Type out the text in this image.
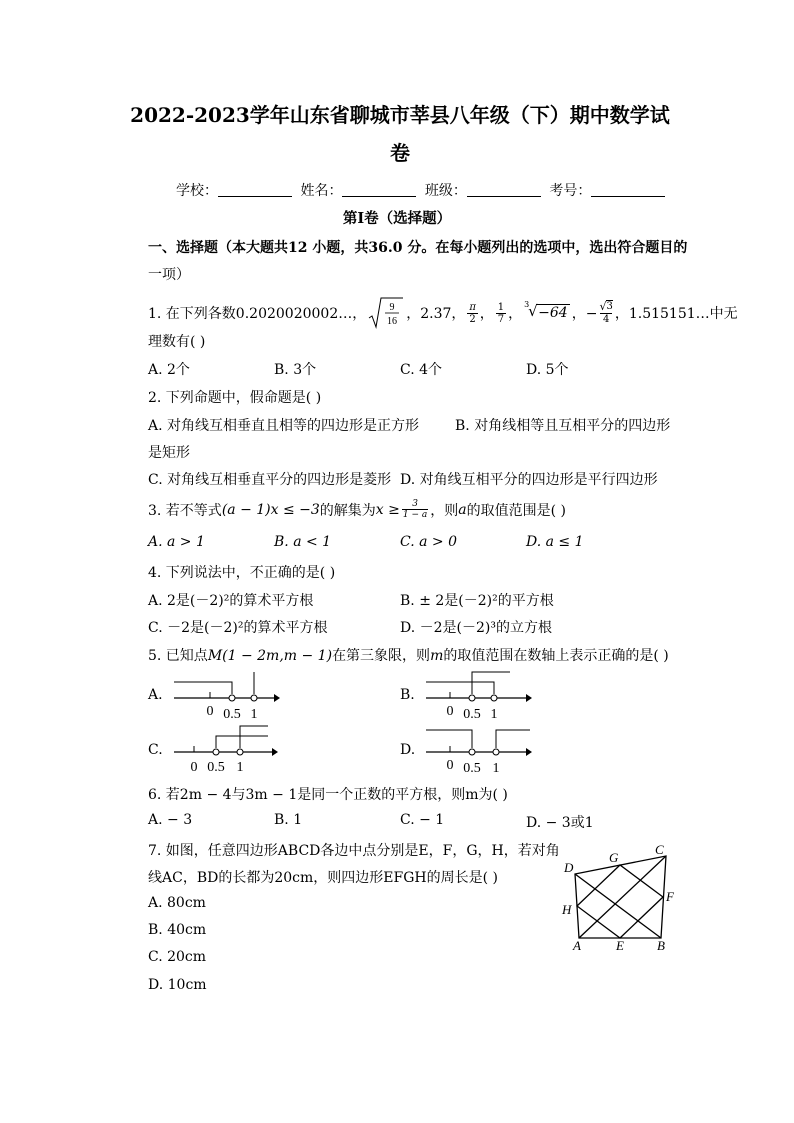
2022-2023学年山东省聊城市莘县八年级（下）期中数学试
卷
学校：	姓名：	班级：	考号：
第I卷（选择题）
一、选择题（本大题共12 小题，共36.0 分。在每小题列出的选项中，选出符合题目的
一项）
1. 在下列各数0.2020020002…， 9
16 ，2.37， π
2 ， 1
7 ，
3
√ −64 ，− $\frac{√ 3}{4}$ ，1.515151…中无
理数有( )
A. 2个	B. 3个	C. 4个	D. 5个
2. 下列命题中，假命题是( )
A. 对角线互相垂直且相等的四边形是正方形	B. 对角线相等且互相平分的四边形
是矩形
C. 对角线互相垂直平分的四边形是菱形 D. 对角线互相平分的四边形是平行四边形
3. 若不等式 (a − 1)x ≤ −3 的解集为 $x \ge \frac{3}{1 - a}$ ，则 a 的取值范围是( )
A. a > 1	B. a < 1	C. a > 0	D. a ≤ 1
4. 下列说法中，不正确的是( )
A. 2是(－2)²的算术平方根	B. ± 2是(－2)²的平方根
C. －2是(－2)²的算术平方根	D. －2是(－2)³的立方根
5. 已知点M(1 − 2m,m − 1)在第三象限，则m的取值范围在数轴上表示正确的是( )
A.
0 0.5 1
B.
0 0.5 1
C.
0 0.5 1
D.
0 0.5 1
6. 若2m − 4与3m − 1是同一个正数的平方根，则m为( )
A. − 3	B. 1	C. − 1	D. − 3或1
7. 如图，任意四边形ABCD各边中点分别是E，F，G，H，若对角
线AC，BD的长都为20cm，则四边形EFGH的周长是( )
A. 80cm
B. 40cm
C. 20cm
D. 10cm
A	B
C
D
E
F
G
H
